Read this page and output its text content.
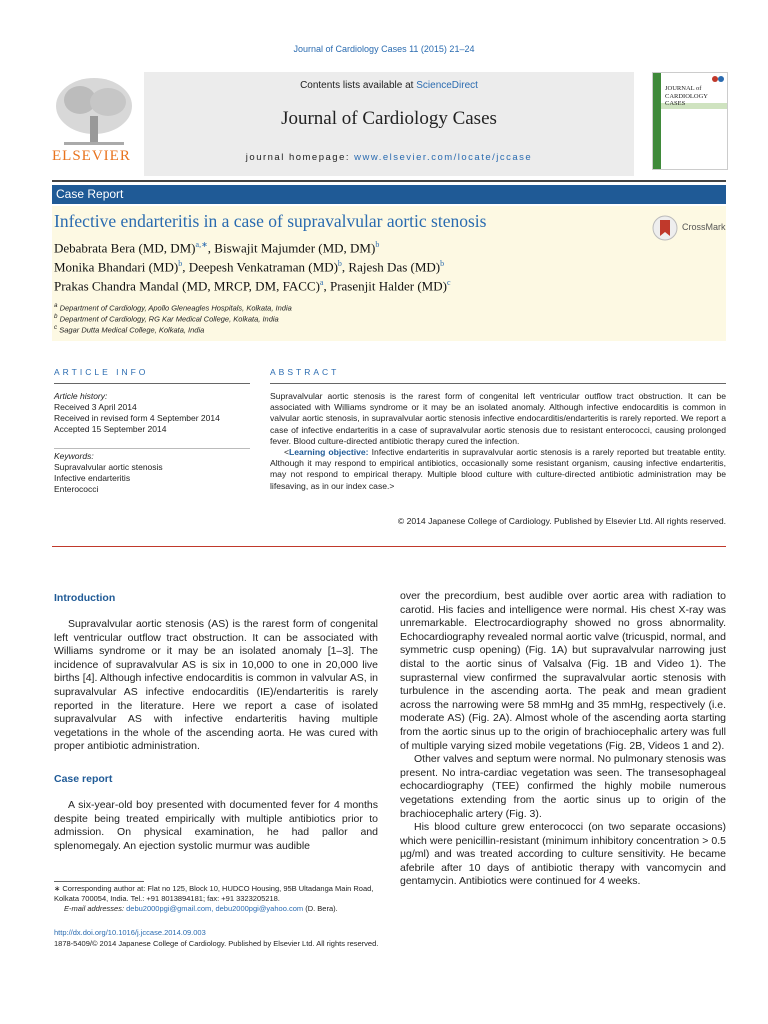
Journal of Cardiology Cases 11 (2015) 21–24
Contents lists available at ScienceDirect
Journal of Cardiology Cases
journal homepage: www.elsevier.com/locate/jccase
ELSEVIER
JOURNAL of CARDIOLOGY CASES
Case Report
Infective endarteritis in a case of supravalvular aortic stenosis	CrossMark
Debabrata Bera (MD, DM)$^{a,∗}$, Biswajit Majumder (MD, DM)$^b$
Monika Bhandari (MD)$^b$, Deepesh Venkatraman (MD)$^b$, Rajesh Das (MD)$^b$
Prakas Chandra Mandal (MD, MRCP, DM, FACC)$^a$, Prasenjit Halder (MD)$^c$
$^a$ Department of Cardiology, Apollo Gleneagles Hospitals, Kolkata, India
$^b$ Department of Cardiology, RG Kar Medical College, Kolkata, India
$^c$ Sagar Dutta Medical College, Kolkata, India
ARTICLE INFO	ABSTRACT
Article history:
Received 3 April 2014
Received in revised form 4 September 2014
Accepted 15 September 2014
Keywords:
Supravalvular aortic stenosis
Infective endarteritis
Enterococci
Supravalvular aortic stenosis is the rarest form of congenital left ventricular outflow tract obstruction. It can be associated with Williams syndrome or it may be an isolated anomaly. Although infective endocarditis is common in valvular aortic stenosis, in supravalvular aortic stenosis infective endocarditis/endarteritis is rarely reported. We report a case of infective endarteritis in a case of supravalvular aortic stenosis due to resistant enterococci, causing prolonged fever. Blood culture-directed antibiotic therapy cured the infection.
<Learning objective: Infective endarteritis in supravalvular aortic stenosis is a rarely reported but treatable entity. Although it may respond to empirical antibiotics, occasionally some resistant organism, causing infective endarteritis, may not respond to empirical therapy. Multiple blood culture with culture-directed antibiotic administration may be lifesaving, as in our index case.>
© 2014 Japanese College of Cardiology. Published by Elsevier Ltd. All rights reserved.
Introduction

Supravalvular aortic stenosis (AS) is the rarest form of congenital left ventricular outflow tract obstruction. It can be associated with Williams syndrome or it may be an isolated anomaly [1–3]. The incidence of supravalvular AS is six in 10,000 to one in 20,000 live births [4]. Although infective endocarditis is common in valvular AS, in supravalvular AS infective endocarditis (IE)/endarteritis is rarely reported in the literature. Here we report a case of isolated supravalvular AS with infective endarteritis having multiple vegetations in the whole of the ascending aorta. He was cured with proper antibiotic administration.

Case report

A six-year-old boy presented with documented fever for 4 months despite being treated empirically with multiple antibiotics prior to admission. On physical examination, he had pallor and splenomegaly. An ejection systolic murmur was audible

over the precordium, best audible over aortic area with radiation to carotid. His facies and intelligence were normal. His chest X-ray was unremarkable. Electrocardiography showed no gross abnormality. Echocardiography revealed normal aortic valve (tricuspid, normal, and symmetric cusp opening) (Fig. 1A) but supravalvular narrowing just distal to the aortic sinus of Valsalva (Fig. 1B and Video 1). The suprasternal view confirmed the supravalvular aortic stenosis with turbulence in the ascending aorta. The peak and mean gradient across the narrowing were 58 mmHg and 35 mmHg, respectively (i.e. moderate AS) (Fig. 2A). Almost whole of the ascending aorta starting from the aortic sinus up to the origin of brachiocephalic artery was full of multiple varying sized mobile vegetations (Fig. 2B, Videos 1 and 2).

Other valves and septum were normal. No pulmonary stenosis was present. No intra-cardiac vegetation was seen. The transesophageal echocardiography (TEE) confirmed the highly mobile numerous vegetations extending from the aortic sinus up to origin of the brachiocephalic artery (Fig. 3).

His blood culture grew enterococci (on two separate occasions) which were penicillin-resistant (minimum inhibitory concentration > 0.5 µg/ml) and was treated according to culture sensitivity. He became afebrile after 10 days of antibiotic therapy with vancomycin and gentamycin. Antibiotics were continued for 4 weeks.

∗ Corresponding author at: Flat no 125, Block 10, HUDCO Housing, 95B Ultadanga Main Road, Kolkata 700054, India. Tel.: +91 8013894181; fax: +91 3323205218.
E-mail addresses: debu2000pgi@gmail.com, debu2000pgi@yahoo.com (D. Bera).
http://dx.doi.org/10.1016/j.jccase.2014.09.003
1878-5409/© 2014 Japanese College of Cardiology. Published by Elsevier Ltd. All rights reserved.
